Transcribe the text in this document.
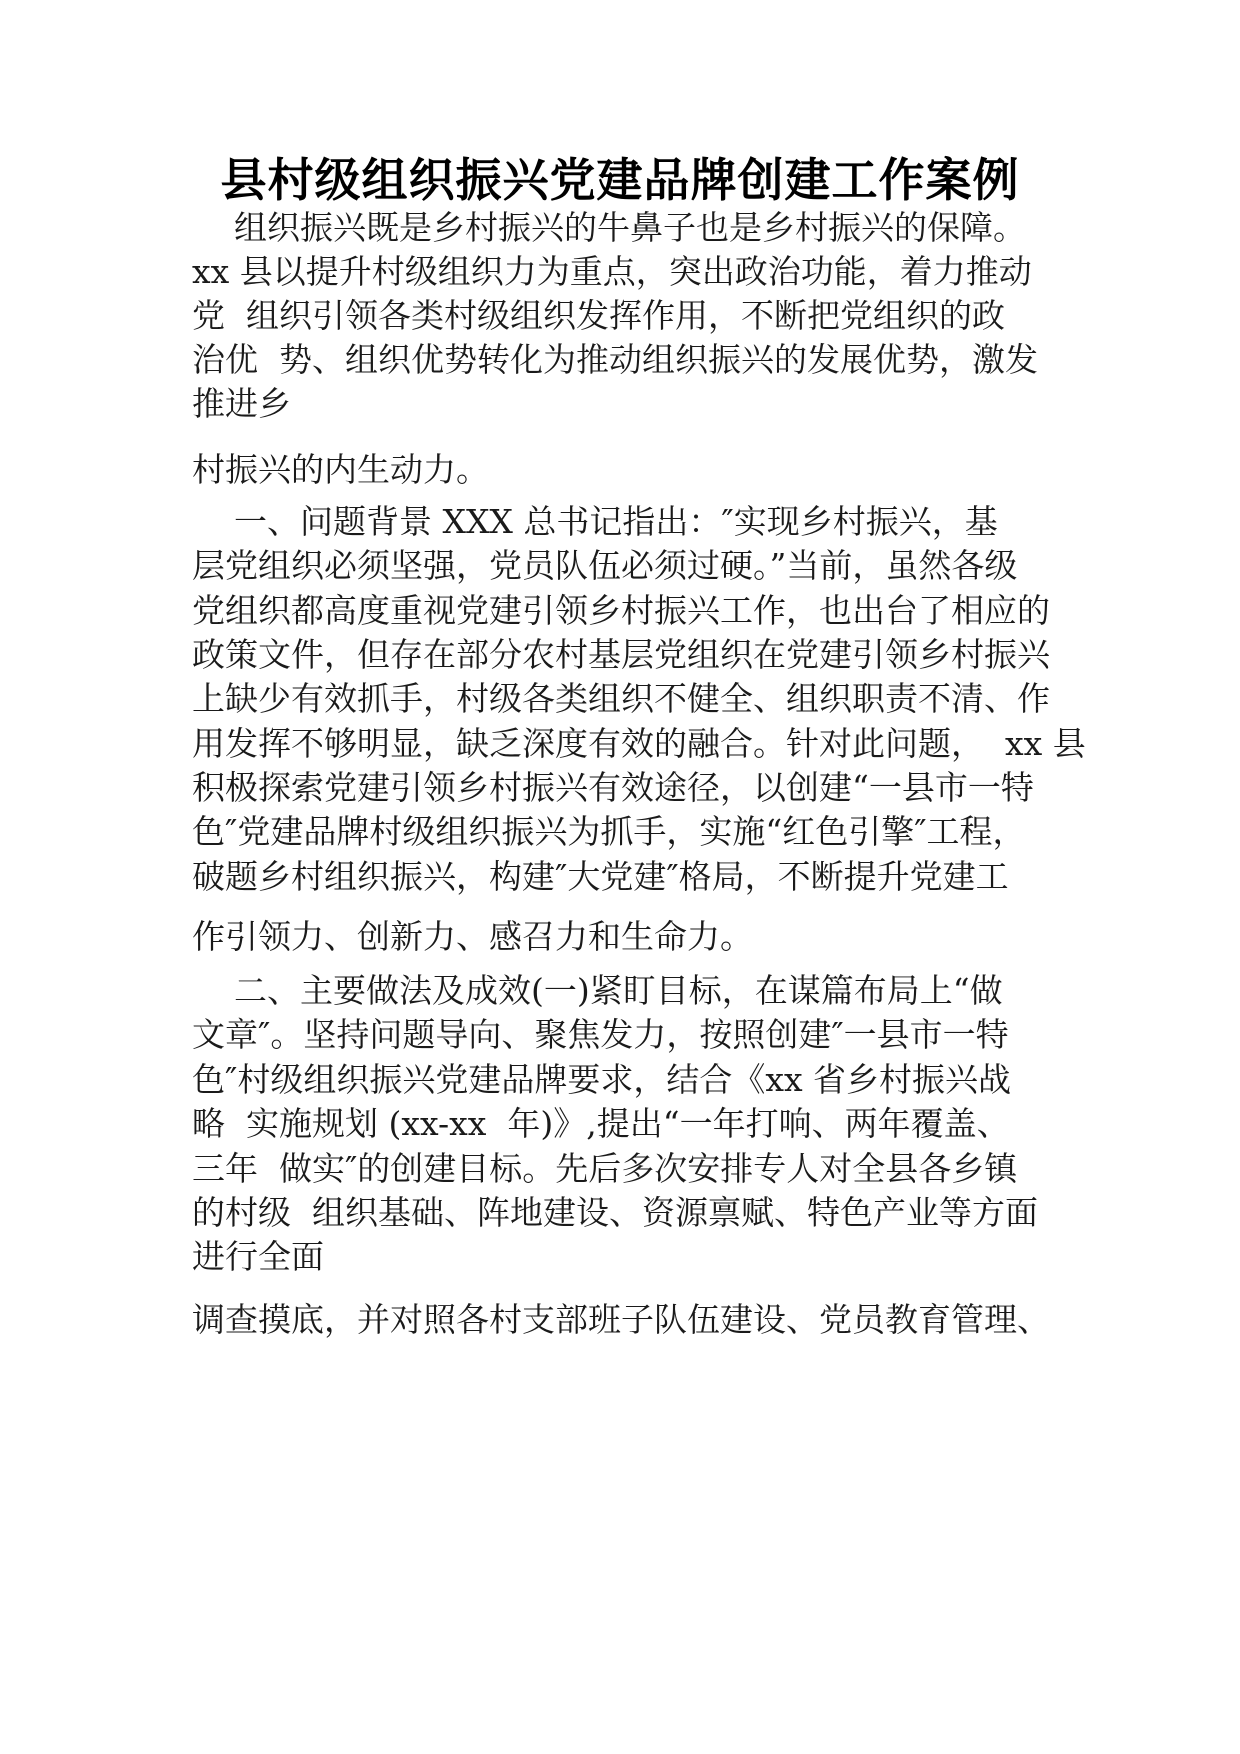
县村级组织振兴党建品牌创建工作案例
组织振兴既是乡村振兴的牛鼻子也是乡村振兴的保障。
xx 县以提升村级组织力为重点，突出政治功能，着力推动
党  组织引领各类村级组织发挥作用，不断把党组织的政
治优  势、组织优势转化为推动组织振兴的发展优势，激发
推进乡
村振兴的内生动力。
一、问题背景 XXX 总书记指出：″实现乡村振兴，基
层党组织必须坚强，党员队伍必须过硬。”当前，虽然各级
党组织都高度重视党建引领乡村振兴工作，也出台了相应的
政策文件，但存在部分农村基层党组织在党建引领乡村振兴
上缺少有效抓手，村级各类组织不健全、组织职责不清、作
用发挥不够明显，缺乏深度有效的融合。针对此问题，  xx 县
积极探索党建引领乡村振兴有效途径，以创建“一县市一特
色″党建品牌村级组织振兴为抓手，实施“红色引擎″工程，
破题乡村组织振兴，构建″大党建″格局，不断提升党建工
作引领力、创新力、感召力和生命力。
二、主要做法及成效(一)紧盯目标，在谋篇布局上“做
文章″。坚持问题导向、聚焦发力，按照创建″一县市一特
色″村级组织振兴党建品牌要求，结合《xx 省乡村振兴战
略  实施规划 (xx-xx  年)》,提出“一年打响、两年覆盖、
三年  做实″的创建目标。先后多次安排专人对全县各乡镇
的村级  组织基础、阵地建设、资源禀赋、特色产业等方面
进行全面
调查摸底，并对照各村支部班子队伍建设、党员教育管理、
